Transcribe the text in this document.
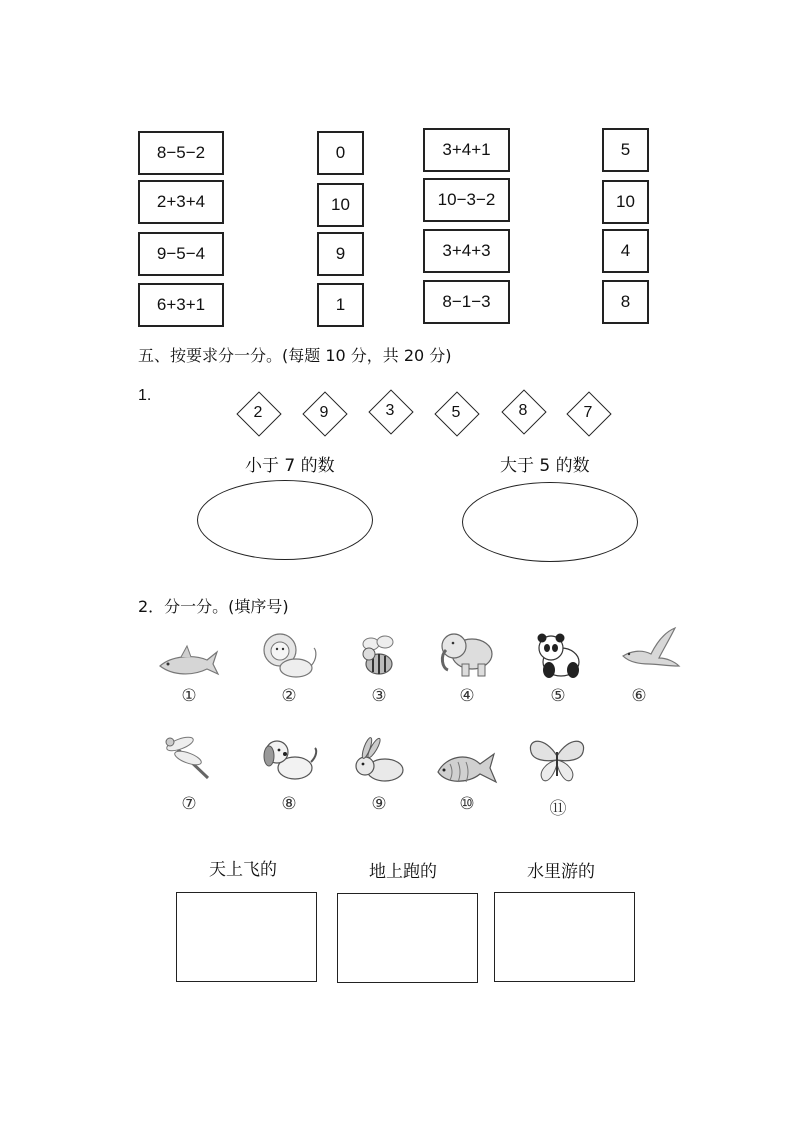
8−5−2
2+3+4
9−5−4
6+3+1
0
10
9
1
3+4+1
10−3−2
3+4+3
8−1−3
5
10
4
8
五、按要求分一分。(每题 10 分，共 20 分)
1.
2	9	3	5	8	7
小于 7 的数	大于 5 的数
2．分一分。(填序号)
①	②	③	④	⑤	⑥
⑦	⑧	⑨	⑩	⑪
天上飞的	地上跑的	水里游的
